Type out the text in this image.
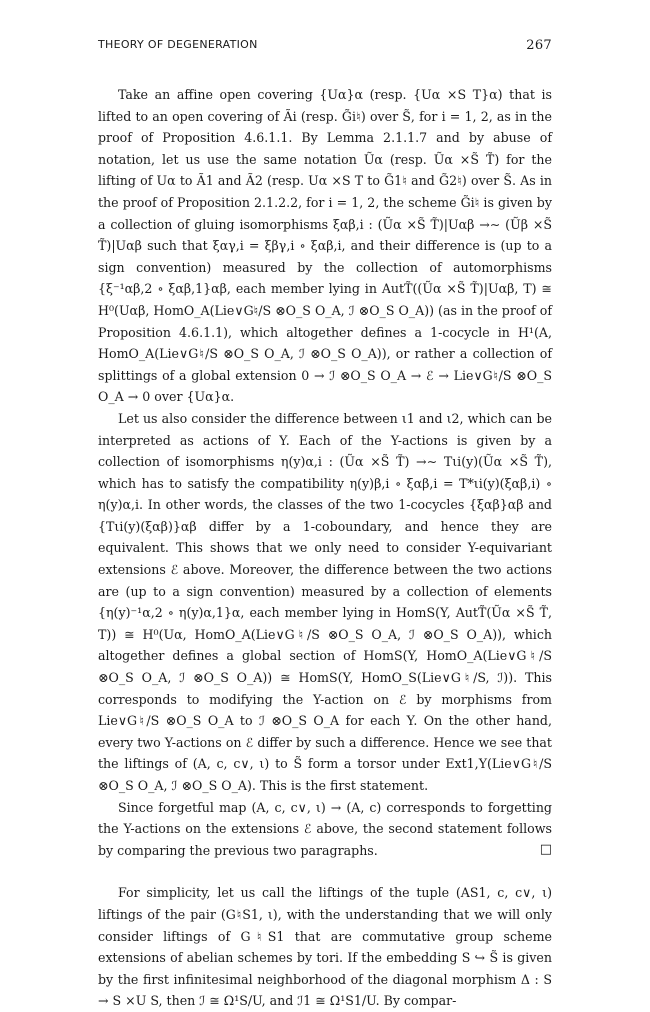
THEORY OF DEGENERATION	267

Take an affine open covering {Uα}α (resp. {Uα ×S T}α) that is lifted to an open covering of Ãi (resp. G̃i♮) over S̃, for i = 1, 2, as in the proof of Proposition 4.6.1.1. By Lemma 2.1.1.7 and by abuse of notation, let us use the same notation Ũα (resp. Ũα ×S̃ T̃) for the lifting of Uα to Ã1 and Ã2 (resp. Uα ×S T to G̃1♮ and G̃2♮) over S̃. As in the proof of Proposition 2.1.2.2, for i = 1, 2, the scheme G̃i♮ is given by a collection of gluing isomorphisms ξαβ,i : (Ũα ×S̃ T̃)|Uαβ →∼ (Ũβ ×S̃ T̃)|Uαβ such that ξαγ,i = ξβγ,i ∘ ξαβ,i, and their difference is (up to a sign convention) measured by the collection of automorphisms {ξ⁻¹αβ,2 ∘ ξαβ,1}αβ, each member lying in AutT̃((Ũα ×S̃ T̃)|Uαβ, T) ≅ H⁰(Uαβ, HomO_A(Lie∨G♮/S ⊗O_S O_A, ℐ ⊗O_S O_A)) (as in the proof of Proposition 4.6.1.1), which altogether defines a 1-cocycle in H¹(A, HomO_A(Lie∨G♮/S ⊗O_S O_A, ℐ ⊗O_S O_A)), or rather a collection of splittings of a global extension 0 → ℐ ⊗O_S O_A → ℰ → Lie∨G♮/S ⊗O_S O_A → 0 over {Uα}α.

Let us also consider the difference between ι1 and ι2, which can be interpreted as actions of Y. Each of the Y-actions is given by a collection of isomorphisms η(y)α,i : (Ũα ×S̃ T̃) →∼ Tιi(y)(Ũα ×S̃ T̃), which has to satisfy the compatibility η(y)β,i ∘ ξαβ,i = T*ιi(y)(ξαβ,i) ∘ η(y)α,i. In other words, the classes of the two 1-cocycles {ξαβ}αβ and {Tιi(y)(ξαβ)}αβ differ by a 1-coboundary, and hence they are equivalent. This shows that we only need to consider Y-equivariant extensions ℰ above. Moreover, the difference between the two actions are (up to a sign convention) measured by a collection of elements {η(y)⁻¹α,2 ∘ η(y)α,1}α, each member lying in HomS(Y, AutT̃(Ũα ×S̃ T̃, T)) ≅ H⁰(Uα, HomO_A(Lie∨G♮/S ⊗O_S O_A, ℐ ⊗O_S O_A)), which altogether defines a global section of HomS(Y, HomO_A(Lie∨G♮/S ⊗O_S O_A, ℐ ⊗O_S O_A)) ≅ HomS(Y, HomO_S(Lie∨G♮/S, ℐ)). This corresponds to modifying the Y-action on ℰ by morphisms from Lie∨G♮/S ⊗O_S O_A to ℐ ⊗O_S O_A for each Y. On the other hand, every two Y-actions on ℰ differ by such a difference. Hence we see that the liftings of (A, c, c∨, ι) to S̃ form a torsor under Ext1,Y(Lie∨G♮/S ⊗O_S O_A, ℐ ⊗O_S O_A). This is the first statement.

Since forgetful map (A, c, c∨, ι) → (A, c) corresponds to forgetting the Y-actions on the extensions ℰ above, the second statement follows by comparing the previous two paragraphs.	□

For simplicity, let us call the liftings of the tuple (AS1, c, c∨, ι) liftings of the pair (G♮S1, ι), with the understanding that we will only consider liftings of G♮S1 that are commutative group scheme extensions of abelian schemes by tori. If the embedding S ↪ S̃ is given by the first infinitesimal neighborhood of the diagonal morphism Δ : S → S ×U S, then ℐ ≅ Ω¹S/U, and ℐ1 ≅ Ω¹S1/U. By compar-
